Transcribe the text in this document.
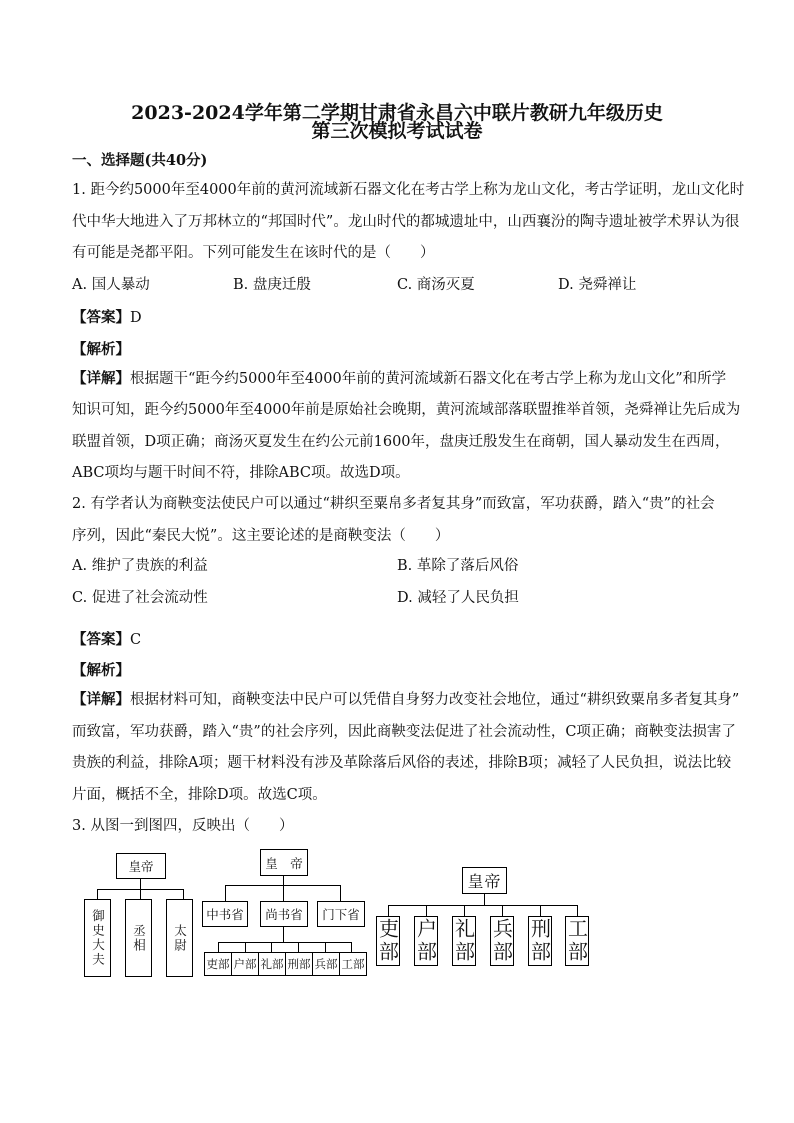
2023-2024学年第二学期甘肃省永昌六中联片教研九年级历史
第三次模拟考试试卷
一、选择题(共40分)
1. 距今约5000年至4000年前的黄河流域新石器文化在考古学上称为龙山文化，考古学证明，龙山文化时
代中华大地进入了万邦林立的“邦国时代”。龙山时代的都城遗址中，山西襄汾的陶寺遗址被学术界认为很
有可能是尧都平阳。下列可能发生在该时代的是（　　）
A. 国人暴动	B. 盘庚迁殷	C. 商汤灭夏	D. 尧舜禅让
【答案】D
【解析】
【详解】根据题干“距今约5000年至4000年前的黄河流域新石器文化在考古学上称为龙山文化”和所学
知识可知，距今约5000年至4000年前是原始社会晚期，黄河流域部落联盟推举首领，尧舜禅让先后成为
联盟首领，D项正确；商汤灭夏发生在约公元前1600年，盘庚迁殷发生在商朝，国人暴动发生在西周，
ABC项均与题干时间不符，排除ABC项。故选D项。
2. 有学者认为商鞅变法使民户可以通过“耕织至粟帛多者复其身”而致富，军功获爵，踏入“贵”的社会
序列，因此“秦民大悦”。这主要论述的是商鞅变法（　　）
A. 维护了贵族的利益	B. 革除了落后风俗
C. 促进了社会流动性	D. 减轻了人民负担
【答案】C
【解析】
【详解】根据材料可知，商鞅变法中民户可以凭借自身努力改变社会地位，通过“耕织致粟帛多者复其身”
而致富，军功获爵，踏入“贵”的社会序列，因此商鞅变法促进了社会流动性，C项正确；商鞅变法损害了
贵族的利益，排除A项；题干材料没有涉及革除落后风俗的表述，排除B项；减轻了人民负担，说法比较
片面，概括不全，排除D项。故选C项。
3. 从图一到图四，反映出（　　）
皇帝
御史大夫	丞相	太尉
皇　帝
中书省	尚书省	门下省
吏部 户部 礼部 刑部 兵部 工部
皇帝
吏部 户部 礼部 兵部 刑部 工部
